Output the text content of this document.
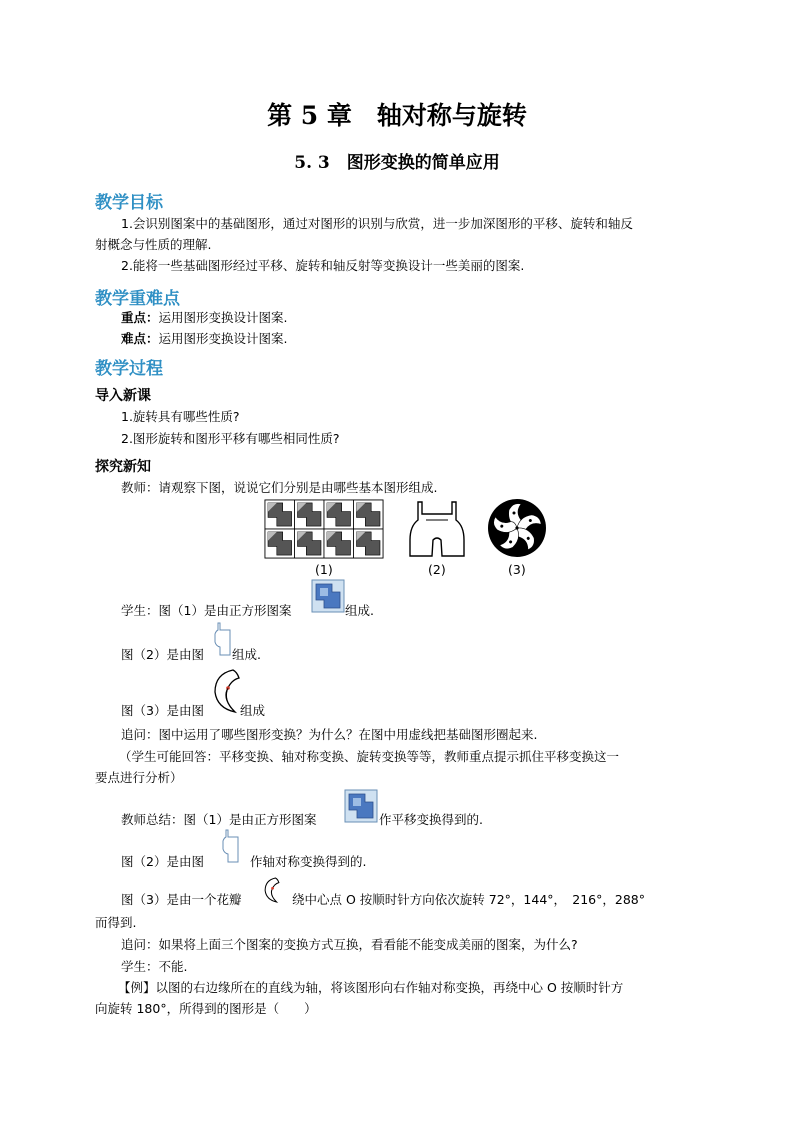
第 5 章　轴对称与旋转
5. 3　图形变换的简单应用
教学目标
1.会识别图案中的基础图形，通过对图形的识别与欣赏，进一步加深图形的平移、旋转和轴反
射概念与性质的理解.
2.能将一些基础图形经过平移、旋转和轴反射等变换设计一些美丽的图案.
教学重难点
重点：运用图形变换设计图案.
难点：运用图形变换设计图案.
教学过程
导入新课
1.旋转具有哪些性质?
2.图形旋转和图形平移有哪些相同性质?
探究新知
教师：请观察下图，说说它们分别是由哪些基本图形组成.
(1)	(2)	(3)
学生：图（1）是由正方形图案	组成.
图（2）是由图 组成.
图（3）是由图	组成
追问：图中运用了哪些图形变换？为什么？在图中用虚线把基础图形圈起来.
（学生可能回答：平移变换、轴对称变换、旋转变换等等，教师重点提示抓住平移变换这一
要点进行分析）
教师总结：图（1）是由正方形图案	作平移变换得到的.
图（2）是由图	作轴对称变换得到的.
图（3）是由一个花瓣	绕中心点 O 按顺时针方向依次旋转 72°，144°，　216°，288°
而得到.
追问：如果将上面三个图案的变换方式互换，看看能不能变成美丽的图案，为什么?
学生：不能.
【例】以图的右边缘所在的直线为轴，将该图形向右作轴对称变换，再绕中心 O 按顺时针方
向旋转 180°，所得到的图形是（　　）
